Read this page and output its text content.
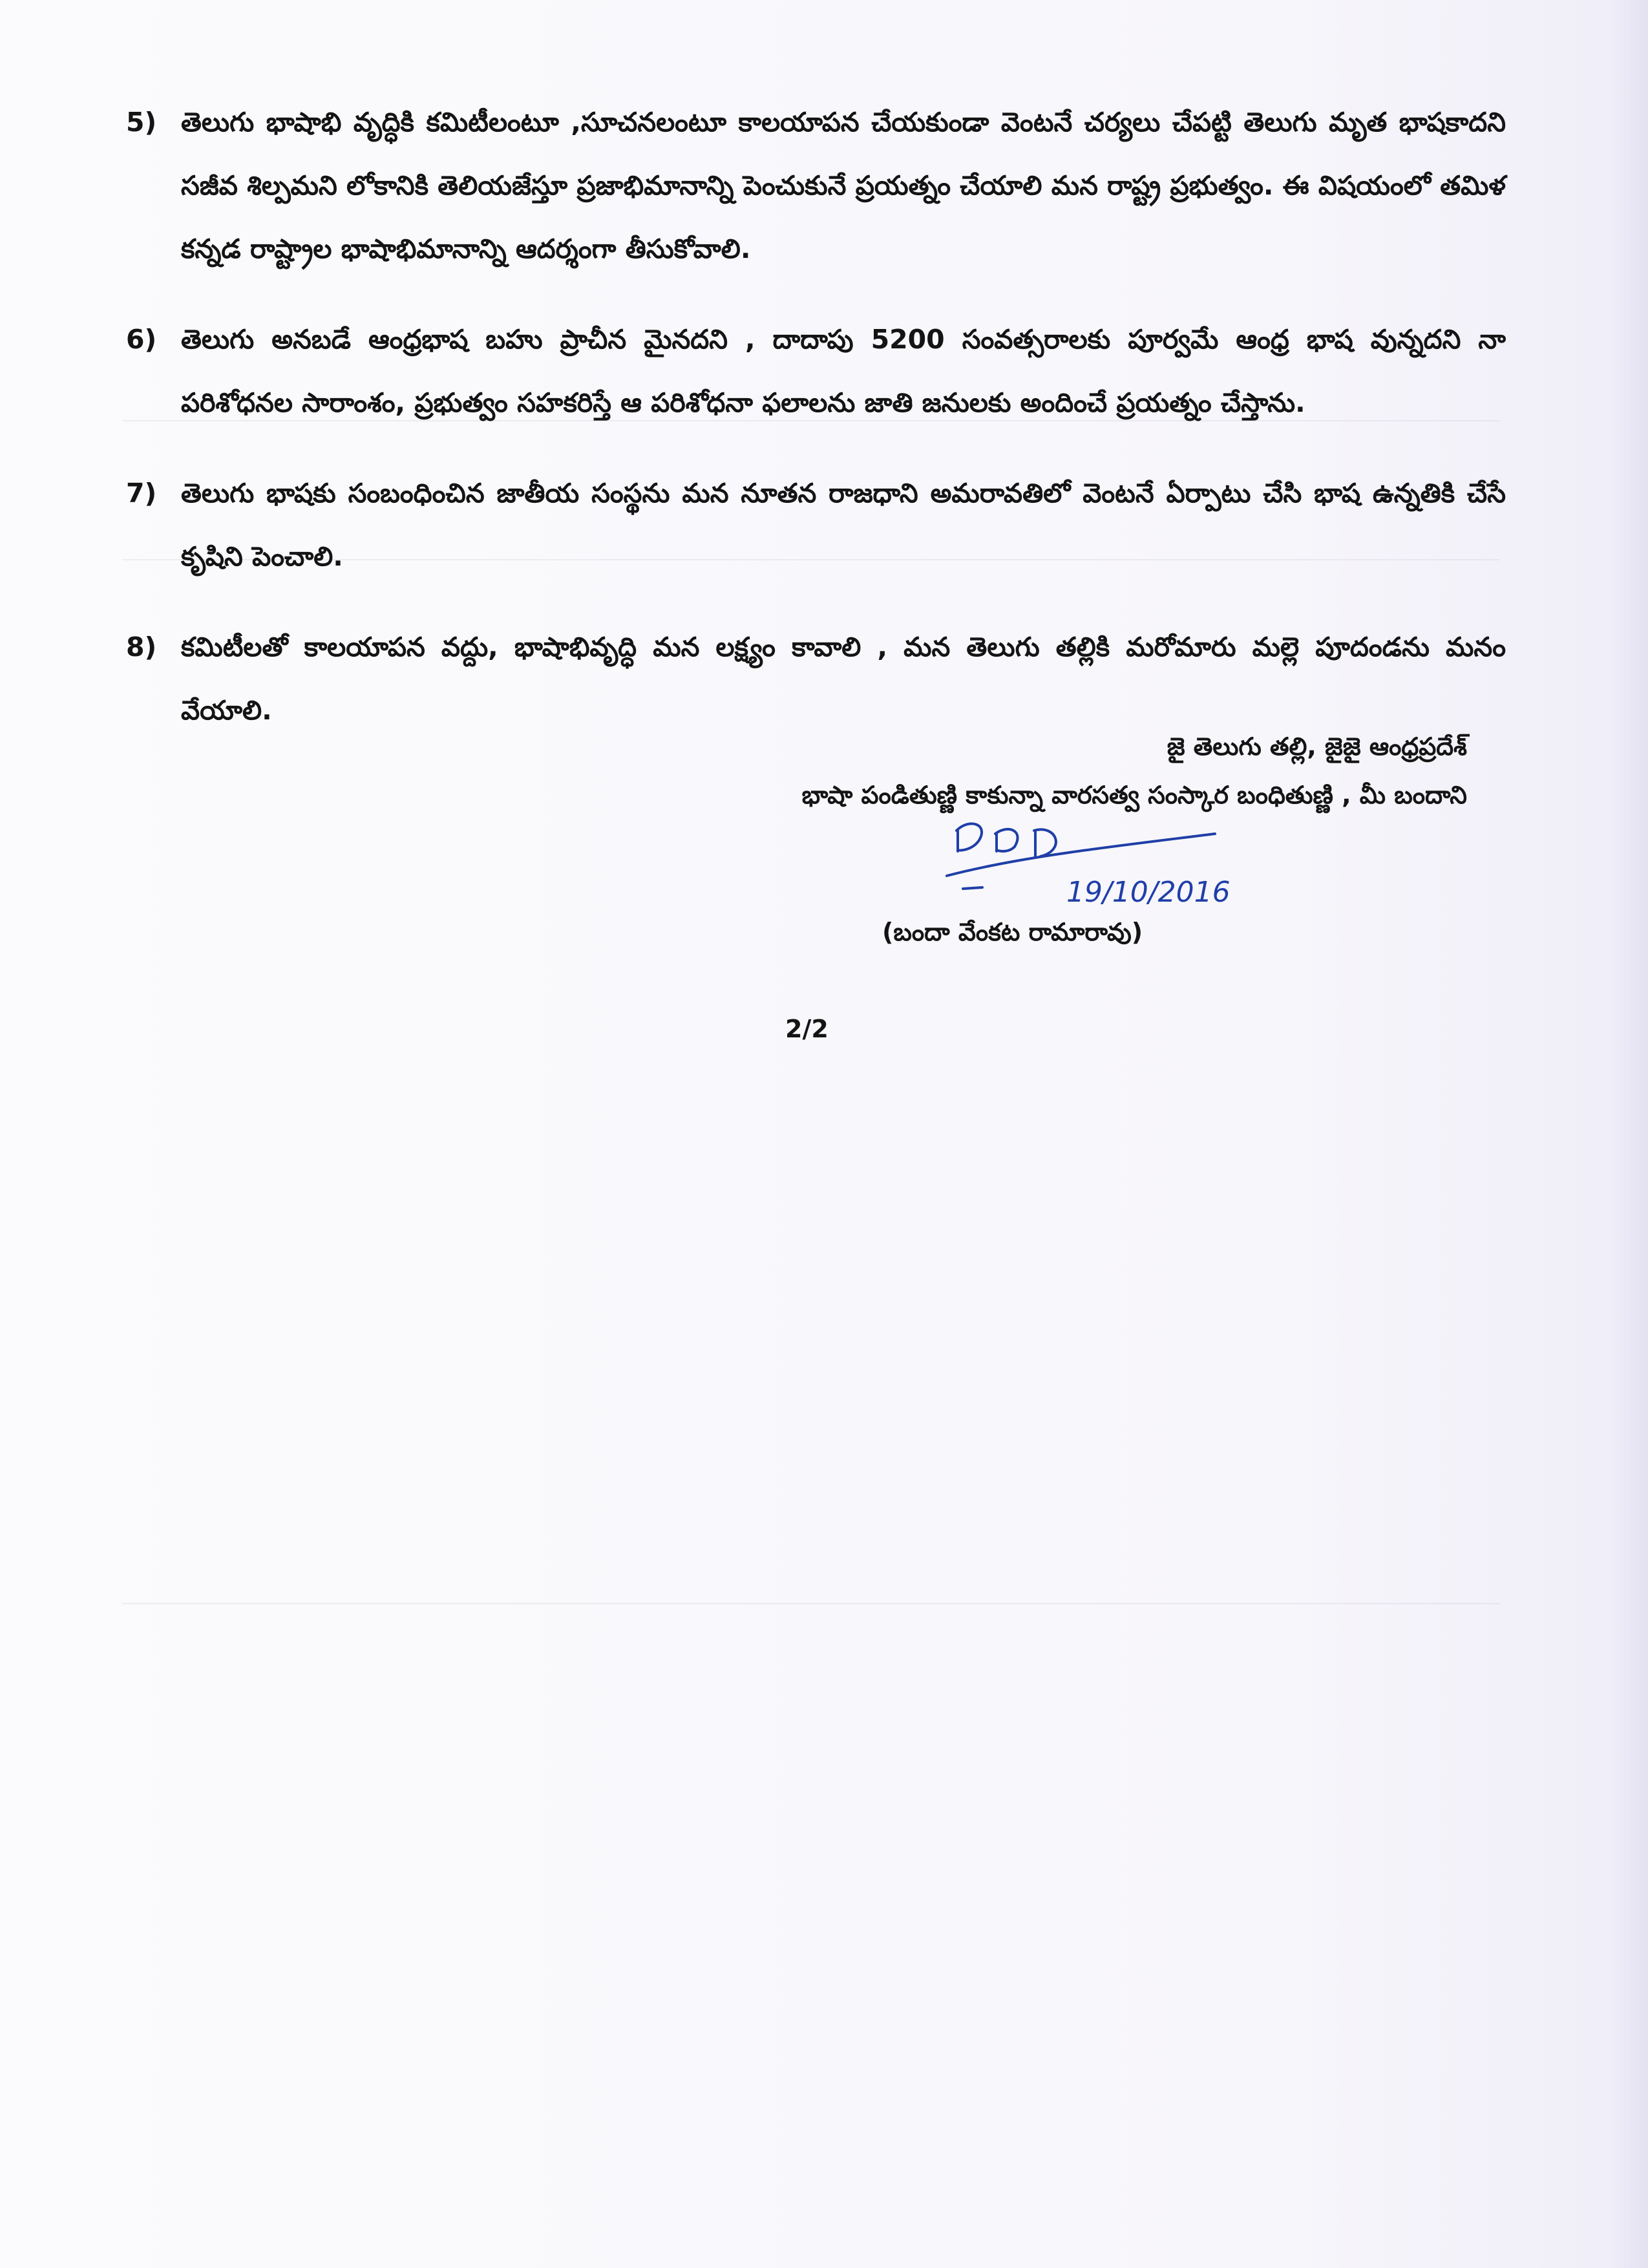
5) తెలుగు భాషాభి వృద్ధికి కమిటీలంటూ ,సూచనలంటూ కాలయాపన చేయకుండా వెంటనే చర్యలు చేపట్టి తెలుగు మృత భాషకాదని సజీవ శిల్పమని లోకానికి తెలియజేస్తూ ప్రజాభిమానాన్ని పెంచుకునే ప్రయత్నం చేయాలి మన రాష్ట్ర ప్రభుత్వం. ఈ విషయంలో తమిళ కన్నడ రాష్ట్రాల భాషాభిమానాన్ని ఆదర్శంగా తీసుకోవాలి.
6) తెలుగు అనబడే ఆంధ్రభాష బహు ప్రాచీన మైనదని , దాదాపు 5200 సంవత్సరాలకు పూర్వమే ఆంధ్ర భాష వున్నదని నా పరిశోధనల సారాంశం, ప్రభుత్వం సహకరిస్తే ఆ పరిశోధనా ఫలాలను జాతి జనులకు అందించే ప్రయత్నం చేస్తాను.
7) తెలుగు భాషకు సంబంధించిన జాతీయ సంస్థను మన నూతన రాజధాని అమరావతిలో వెంటనే ఏర్పాటు చేసి భాష ఉన్నతికి చేసే కృషిని పెంచాలి.
8) కమిటీలతో కాలయాపన వద్దు, భాషాభివృద్ధి మన లక్ష్యం కావాలి , మన తెలుగు తల్లికి మరోమారు మల్లె పూదండను మనం వేయాలి.
జై తెలుగు తల్లి, జైజై ఆంధ్రప్రదేశ్
భాషా పండితుణ్ణి కాకున్నా వారసత్వ సంస్కార బంధితుణ్ణి , మీ బందాని
19/10/2016
(బందా వేంకట రామారావు)
2/2
